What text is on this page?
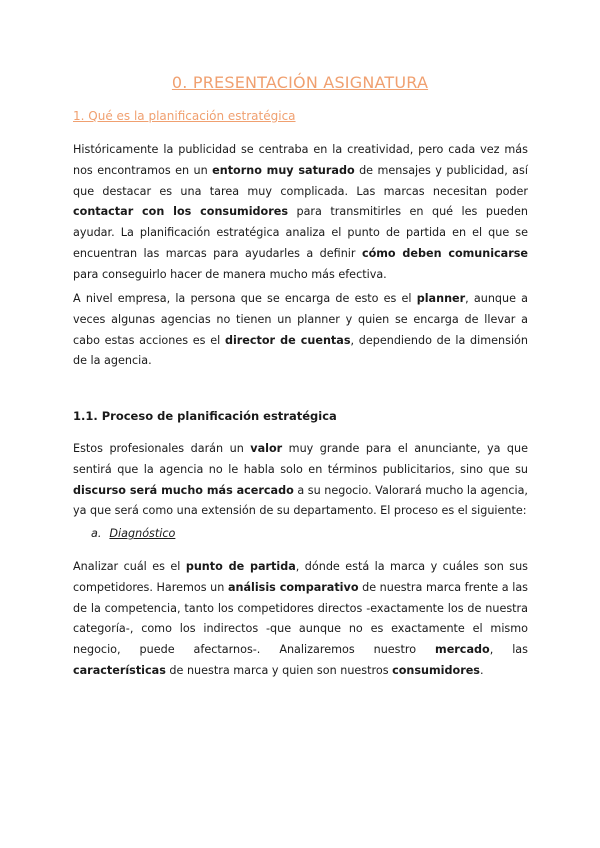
0. PRESENTACIÓN ASIGNATURA
1. Qué es la planificación estratégica

Históricamente la publicidad se centraba en la creatividad, pero cada vez más nos encontramos en un entorno muy saturado de mensajes y publicidad, así que destacar es una tarea muy complicada. Las marcas necesitan poder contactar con los consumidores para transmitirles en qué les pueden ayudar. La planificación estratégica analiza el punto de partida en el que se encuentran las marcas para ayudarles a definir cómo deben comunicarse para conseguirlo hacer de manera mucho más efectiva.

A nivel empresa, la persona que se encarga de esto es el planner, aunque a veces algunas agencias no tienen un planner y quien se encarga de llevar a cabo estas acciones es el director de cuentas, dependiendo de la dimensión de la agencia.

1.1. Proceso de planificación estratégica

Estos profesionales darán un valor muy grande para el anunciante, ya que sentirá que la agencia no le habla solo en términos publicitarios, sino que su discurso será mucho más acercado a su negocio. Valorará mucho la agencia, ya que será como una extensión de su departamento. El proceso es el siguiente:

a. Diagnóstico

Analizar cuál es el punto de partida, dónde está la marca y cuáles son sus competidores. Haremos un análisis comparativo de nuestra marca frente a las de la competencia, tanto los competidores directos -exactamente los de nuestra categoría-, como los indirectos -que aunque no es exactamente el mismo negocio, puede afectarnos-. Analizaremos nuestro mercado, las características de nuestra marca y quien son nuestros consumidores.
